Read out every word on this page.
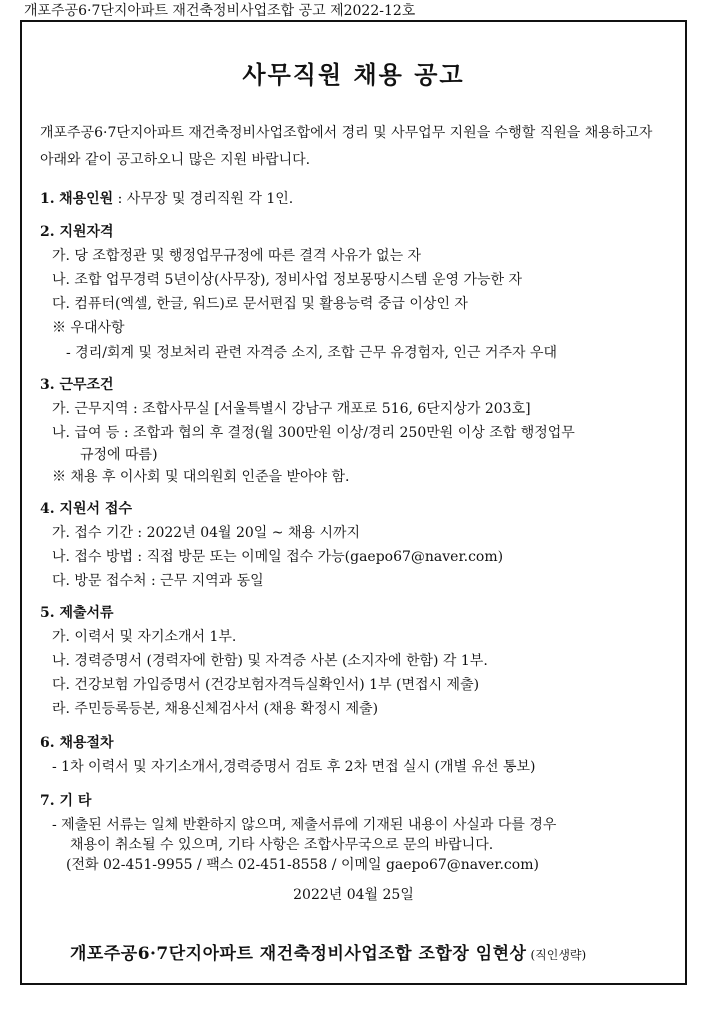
개포주공6·7단지아파트 재건축정비사업조합 공고 제2022-12호
사무직원 채용 공고
개포주공6·7단지아파트 재건축정비사업조합에서 경리 및 사무업무 지원을 수행할 직원을 채용하고자 아래와 같이 공고하오니 많은 지원 바랍니다.
1. 채용인원 : 사무장 및 경리직원 각 1인.
2. 지원자격
가. 당 조합정관 및 행정업무규정에 따른 결격 사유가 없는 자
나. 조합 업무경력 5년이상(사무장), 정비사업 정보몽땅시스템 운영 가능한 자
다. 컴퓨터(엑셀, 한글, 워드)로 문서편집 및 활용능력 중급 이상인 자
※ 우대사항
- 경리/회계 및 정보처리 관련 자격증 소지, 조합 근무 유경험자, 인근 거주자 우대
3. 근무조건
가. 근무지역 : 조합사무실 [서울특별시 강남구 개포로 516, 6단지상가 203호]
나. 급여 등 : 조합과 협의 후 결정(월 300만원 이상/경리 250만원 이상 조합 행정업무
규정에 따름)
※ 채용 후 이사회 및 대의원회 인준을 받아야 함.
4. 지원서 접수
가. 접수 기간 : 2022년 04월 20일 ~ 채용 시까지
나. 접수 방법 : 직접 방문 또는 이메일 접수 가능(gaepo67@naver.com)
다. 방문 접수처 : 근무 지역과 동일
5. 제출서류
가. 이력서 및 자기소개서 1부.
나. 경력증명서 (경력자에 한함) 및 자격증 사본 (소지자에 한함) 각 1부.
다. 건강보험 가입증명서 (건강보험자격득실확인서) 1부 (면접시 제출)
라. 주민등록등본, 채용신체검사서 (채용 확정시 제출)
6. 채용절차
- 1차 이력서 및 자기소개서,경력증명서 검토 후 2차 면접 실시 (개별 유선 통보)
7. 기 타
- 제출된 서류는 일체 반환하지 않으며, 제출서류에 기재된 내용이 사실과 다를 경우
채용이 취소될 수 있으며, 기타 사항은 조합사무국으로 문의 바랍니다.
(전화 02-451-9955 / 팩스 02-451-8558 / 이메일 gaepo67@naver.com)
2022년 04월 25일
개포주공6·7단지아파트 재건축정비사업조합 조합장 임현상 (직인생략)
